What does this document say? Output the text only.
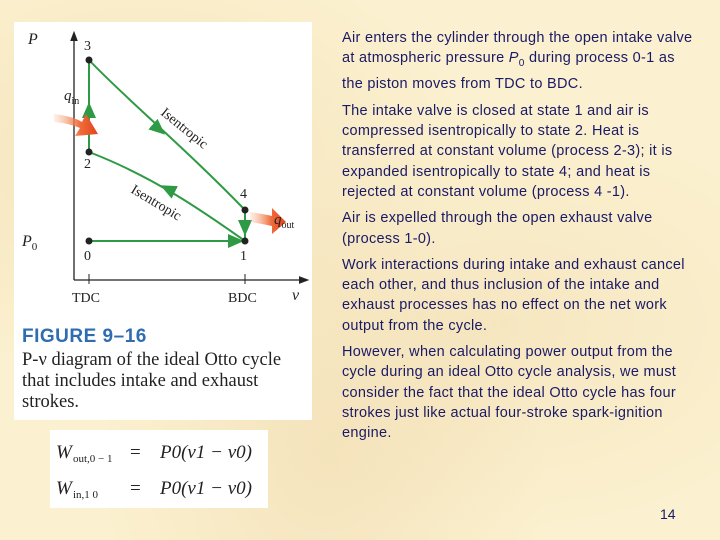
P
v
TDC	BDC
$P_0$
3
2
0
4
1
Isentropic
Isentropic
$q_{in}$
$q_{out}$
FIGURE 9–16

P-ν diagram of the ideal Otto cycle
that includes intake and exhaust
strokes.

W out,0 − 1 = P0(ν1 − ν0)
W in,1 0 = P0(ν1 − ν0)

Air enters the cylinder through the open intake valve at atmospheric pressure $P_0$ during process 0-1 as the piston moves from TDC to BDC.

The intake valve is closed at state 1 and air is compressed isentropically to state 2. Heat is transferred at constant volume (process 2-3); it is expanded isentropically to state 4; and heat is rejected at constant volume (process 4 -1).

Air is expelled through the open exhaust valve (process 1-0).

Work interactions during intake and exhaust cancel each other, and thus inclusion of the intake and exhaust processes has no effect on the net work output from the cycle.

However, when calculating power output from the cycle during an ideal Otto cycle analysis, we must consider the fact that the ideal Otto cycle has four strokes just like actual four-stroke spark-ignition engine.

14
